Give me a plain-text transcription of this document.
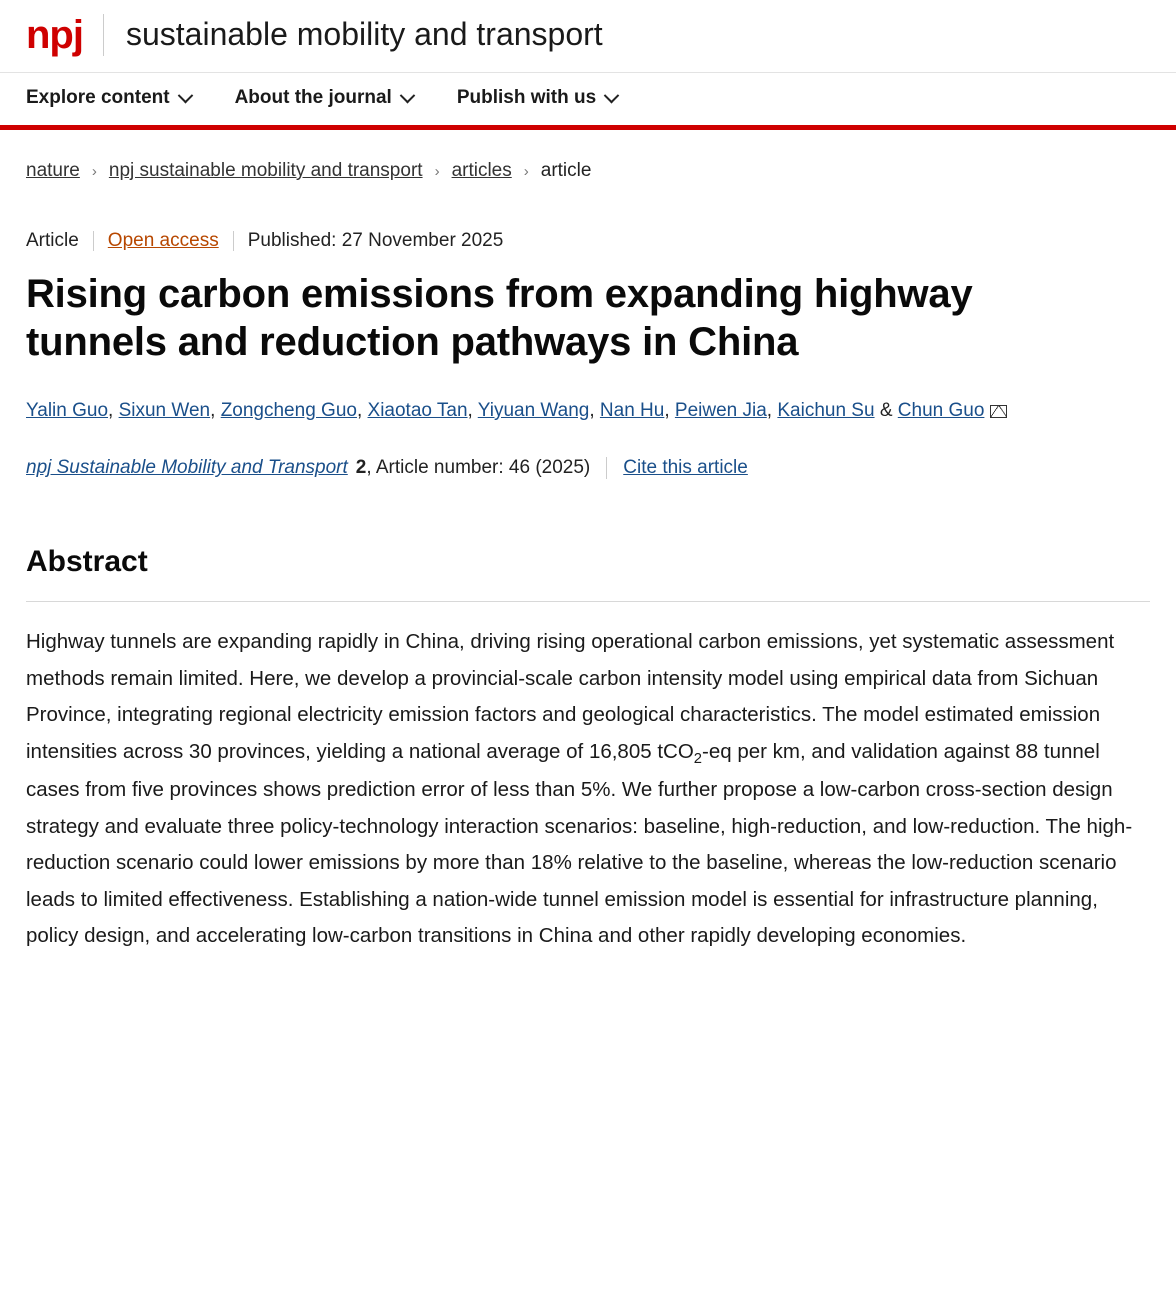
npj sustainable mobility and transport
Explore content	About the journal	Publish with us
nature › npj sustainable mobility and transport › articles › article
Article Open access Published: 27 November 2025
Rising carbon emissions from expanding highway tunnels and reduction pathways in China
Yalin Guo, Sixun Wen, Zongcheng Guo, Xiaotao Tan, Yiyuan Wang, Nan Hu, Peiwen Jia, Kaichun Su & Chun Guo
npj Sustainable Mobility and Transport 2 , Article number: 46 (2025) Cite this article
Abstract

Highway tunnels are expanding rapidly in China, driving rising operational carbon emissions, yet systematic assessment methods remain limited. Here, we develop a provincial-scale carbon intensity model using empirical data from Sichuan Province, integrating regional electricity emission factors and geological characteristics. The model estimated emission intensities across 30 provinces, yielding a national average of 16,805 tCO$_2$-eq per km, and validation against 88 tunnel cases from five provinces shows prediction error of less than 5%. We further propose a low-carbon cross-section design strategy and evaluate three policy-technology interaction scenarios: baseline, high-reduction, and low-reduction. The high-reduction scenario could lower emissions by more than 18% relative to the baseline, whereas the low-reduction scenario leads to limited effectiveness. Establishing a nation-wide tunnel emission model is essential for infrastructure planning, policy design, and accelerating low-carbon transitions in China and other rapidly developing economies.
